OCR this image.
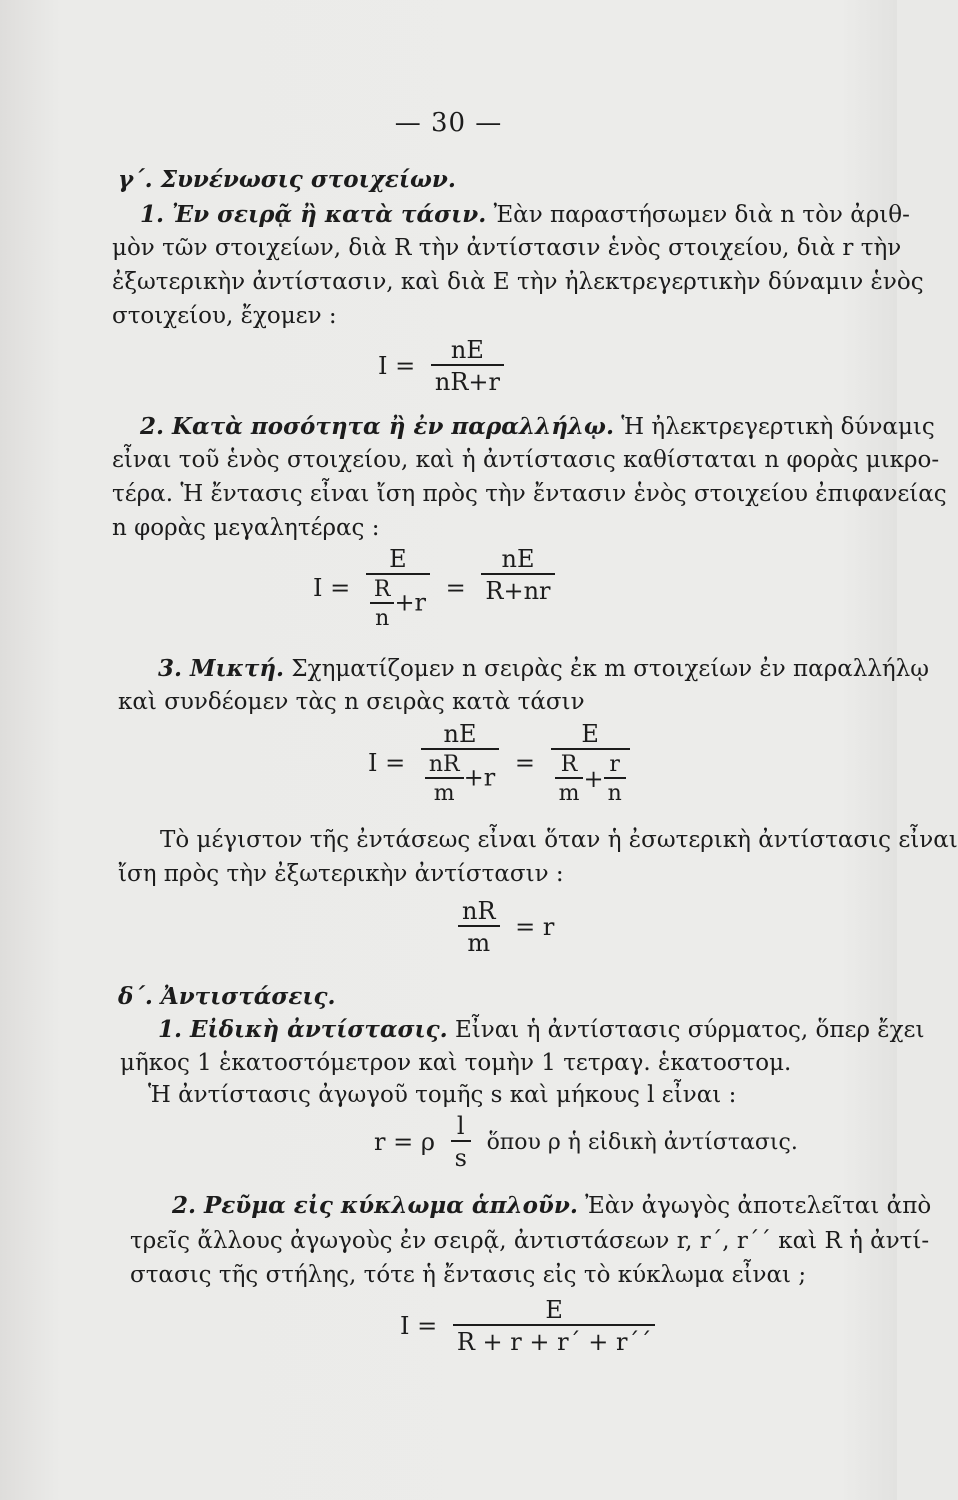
— 30 —
γ΄. Συνένωσις στοιχείων.
1. Ἐν σειρᾷ ἢ κατὰ τάσιν. Ἐὰν παραστήσωμεν διὰ n τὸν ἀριθ-
μὸν τῶν στοιχείων, διὰ R τὴν ἀντίστασιν ἑνὸς στοιχείου, διὰ r τὴν
ἐξωτερικὴν ἀντίστασιν, καὶ διὰ E τὴν ἠλεκτρεγερτικὴν δύναμιν ἑνὸς
στοιχείου, ἔχομεν :
$I = \frac{nE}{nR+r}$
2. Κατὰ ποσότητα ἢ ἐν παραλλήλῳ. Ἡ ἠλεκτρεγερτικὴ δύναμις
εἶναι τοῦ ἑνὸς στοιχείου, καὶ ἡ ἀντίστασις καθίσταται n φορὰς μικρο-
τέρα. Ἡ ἔντασις εἶναι ἴση πρὸς τὴν ἔντασιν ἑνὸς στοιχείου ἐπιφανείας
n φορὰς μεγαλητέρας :
$I = \frac{E}{\frac{R}{n} +r} = \frac{nE}{R+nr}$
3. Μικτή. Σχηματίζομεν n σειρὰς ἐκ m στοιχείων ἐν παραλλήλῳ
καὶ συνδέομεν τὰς n σειρὰς κατὰ τάσιν
$I = \frac{nE}{\frac{nR}{m} +r} = \frac{E}{\frac{R}{m} + \frac{r}{n}}$
Τὸ μέγιστον τῆς ἐντάσεως εἶναι ὅταν ἡ ἐσωτερικὴ ἀντίστασις εἶναι
ἴση πρὸς τὴν ἐξωτερικὴν ἀντίστασιν :
$\frac{nR}{m} = r$
δ΄. Ἀντιστάσεις.
1. Εἰδικὴ ἀντίστασις. Εἶναι ἡ ἀντίστασις σύρματος, ὅπερ ἔχει
μῆκος 1 ἑκατοστόμετρον καὶ τομὴν 1 τετραγ. ἑκατοστομ.
Ἡ ἀντίστασις ἀγωγοῦ τομῆς s καὶ μήκους l εἶναι :
r = ρ $\frac{l}{s}$ ὅπου ρ ἡ εἰδικὴ ἀντίστασις.
2. Ρεῦμα εἰς κύκλωμα ἁπλοῦν. Ἐὰν ἀγωγὸς ἀποτελεῖται ἀπὸ
τρεῖς ἄλλους ἀγωγοὺς ἐν σειρᾷ, ἀντιστάσεων r, r΄, r΄΄ καὶ R ἡ ἀντί-
στασις τῆς στήλης, τότε ἡ ἔντασις εἰς τὸ κύκλωμα εἶναι ;
$I = \frac{E}{R + r + r΄ + r΄΄}$
